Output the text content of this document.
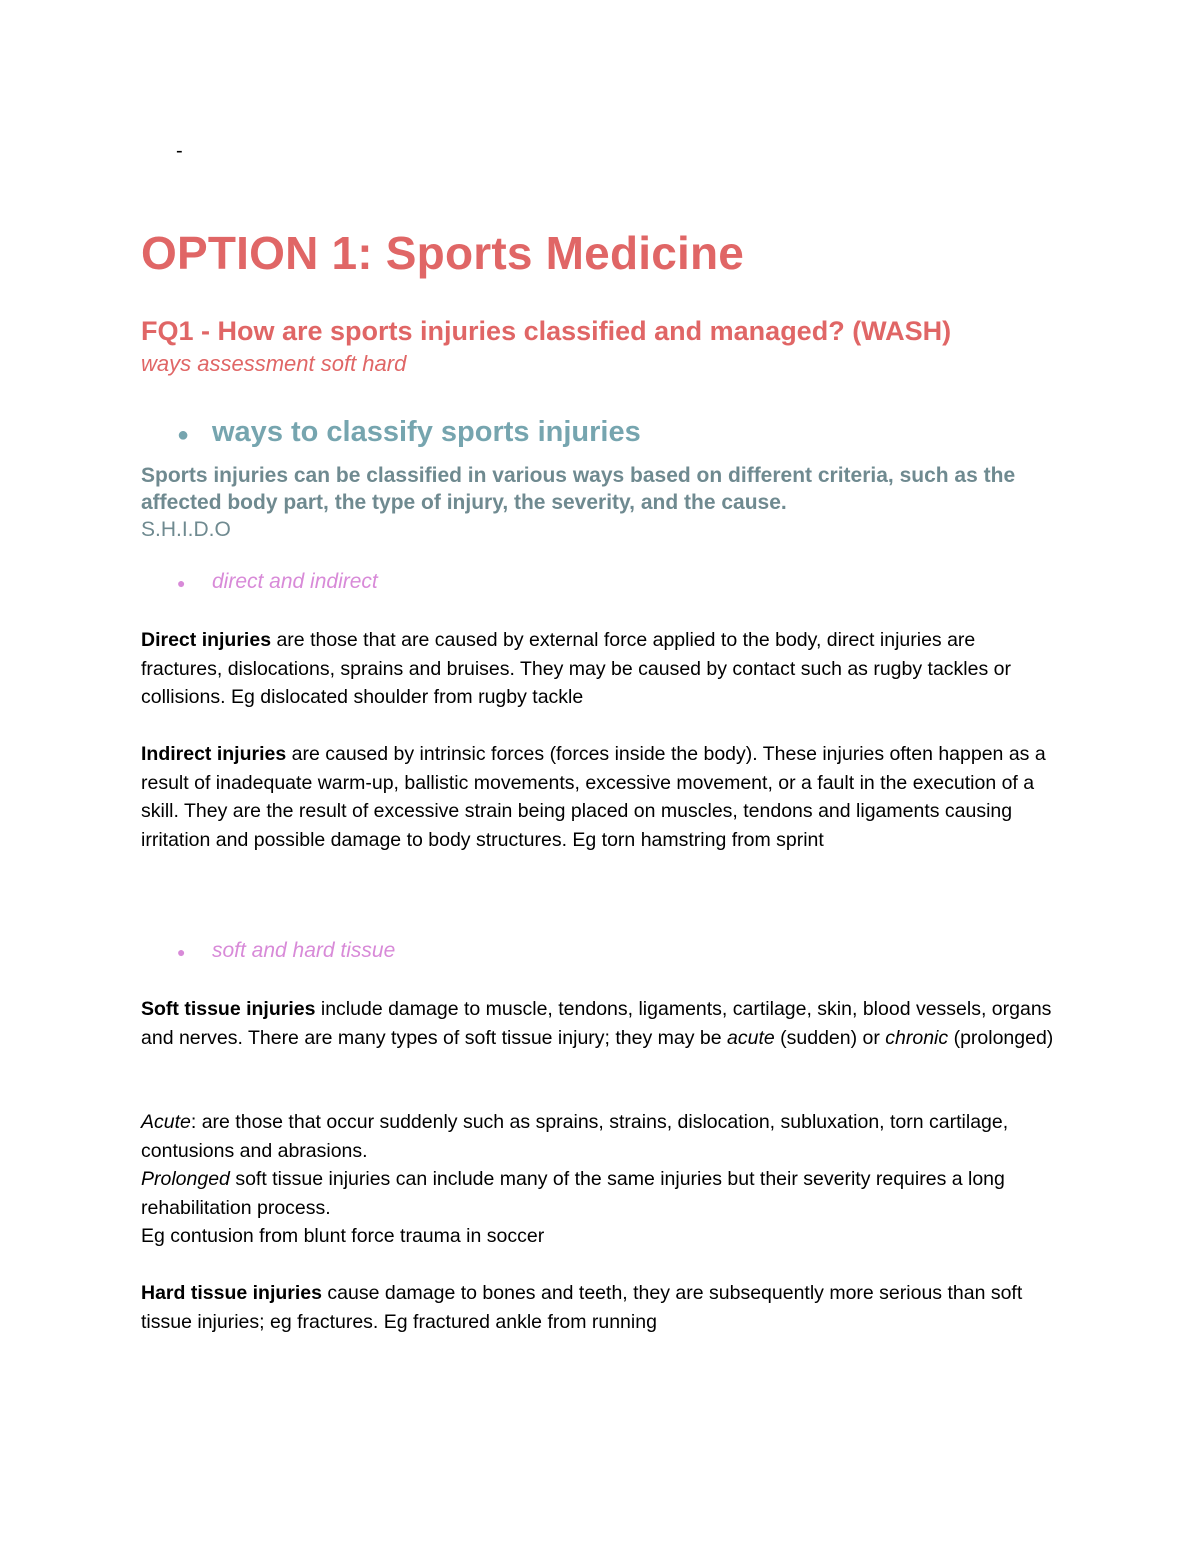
-
OPTION 1: Sports Medicine
FQ1 - How are sports injuries classified and managed? (WASH)

ways assessment soft hard

● ways to classify sports injuries

Sports injuries can be classified in various ways based on different criteria, such as the affected body part, the type of injury, the severity, and the cause.
S.H.I.D.O

●	direct and indirect

Direct injuries are those that are caused by external force applied to the body, direct injuries are fractures, dislocations, sprains and bruises. They may be caused by contact such as rugby tackles or collisions. Eg dislocated shoulder from rugby tackle

Indirect injuries are caused by intrinsic forces (forces inside the body). These injuries often happen as a result of inadequate warm-up, ballistic movements, excessive movement, or a fault in the execution of a skill. They are the result of excessive strain being placed on muscles, tendons and ligaments causing irritation and possible damage to body structures. Eg torn hamstring from sprint

●	soft and hard tissue

Soft tissue injuries include damage to muscle, tendons, ligaments, cartilage, skin, blood vessels, organs and nerves. There are many types of soft tissue injury; they may be acute (sudden) or chronic (prolonged)

Acute: are those that occur suddenly such as sprains, strains, dislocation, subluxation, torn cartilage, contusions and abrasions.
Prolonged soft tissue injuries can include many of the same injuries but their severity requires a long rehabilitation process.
Eg contusion from blunt force trauma in soccer

Hard tissue injuries cause damage to bones and teeth, they are subsequently more serious than soft tissue injuries; eg fractures. Eg fractured ankle from running
